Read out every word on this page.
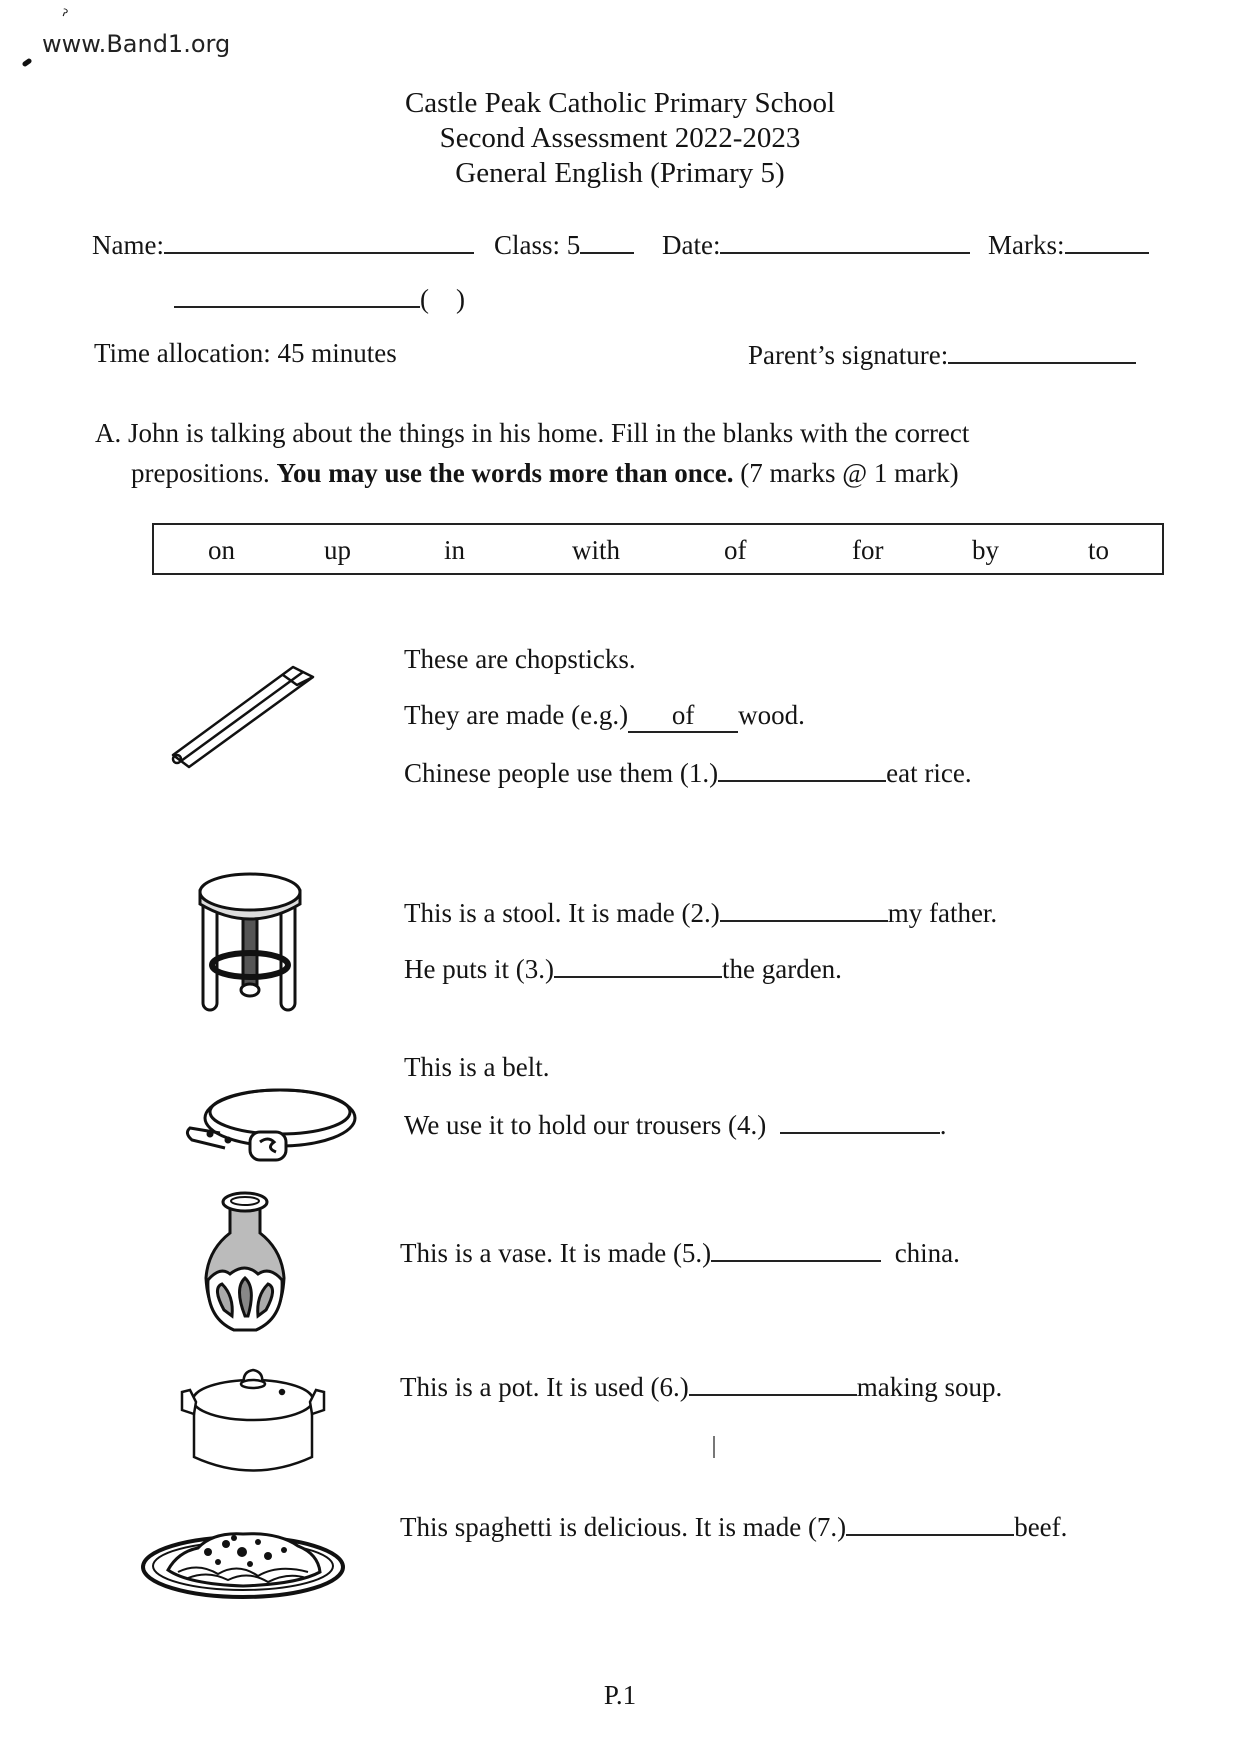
ˀ
www.Band1.org
Castle Peak Catholic Primary School
Second Assessment 2022-2023
General English (Primary 5)
Name:	Class: 5	Date:	Marks:
(    )
Time allocation: 45 minutes	Parent’s signature:
A. John is talking about the things in his home. Fill in the blanks with the correct
prepositions. You may use the words more than once. (7 marks @ 1 mark)
on	up	in	with	of	for	by	to
These are chopsticks.
They are made (e.g.) of wood.
Chinese people use them (1.)	eat rice.
This is a stool. It is made (2.)	my father.
He puts it (3.)	the garden.
This is a belt.
We use it to hold our trousers (4.)	.
This is a vase. It is made (5.)	china.
This is a pot. It is used (6.)	making soup.
This spaghetti is delicious. It is made (7.)	beef.
P.1
